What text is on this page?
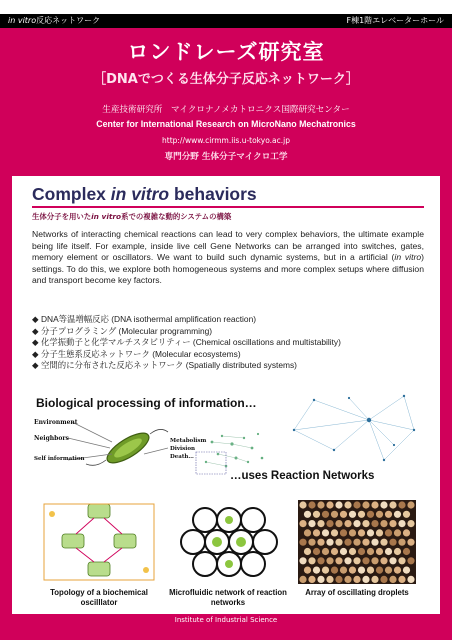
in vitro反応ネットワーク	F棟1階エレベーターホール
ロンドレーズ研究室
［DNAでつくる生体分子反応ネットワーク］
生産技術研究所　マイクロナノメカトロニクス国際研究センター
Center for International Research on MicroNano Mechatronics
http://www.cirmm.iis.u-tokyo.ac.jp
専門分野 生体分子マイクロ工学
Complex in vitro behaviors
生体分子を用いたin vitro系での複雑な動的システムの構築

Networks of interacting chemical reactions can lead to very complex behaviors, the ultimate example being life itself. For example, inside live cell Gene Networks can be arranged into switches, gates, memory element or oscillators. We want to build such dynamic systems, but in a artificial (in vitro) settings. To do this, we explore both homogeneous systems and more complex setups where diffusion and transport become key factors.

◆ DNA等温増幅反応 (DNA isothermal amplification reaction)
◆ 分子プログラミング (Molecular programming)
◆ 化学振動子と化学マルチスタビリティー (Chemical oscillations and multistability)
◆ 分子生態系反応ネットワーク (Molecular ecosystems)
◆ 空間的に分布された反応ネットワーク (Spatially distributed systems)
Environment
Neighbors
Self information
Metabolism
Division
Death…
Biological processing of information…
…uses Reaction Networks
Topology of a biochemical oscilllator
Microfluidic network of reaction networks
Array of oscillating droplets
Institute of Industrial Science
